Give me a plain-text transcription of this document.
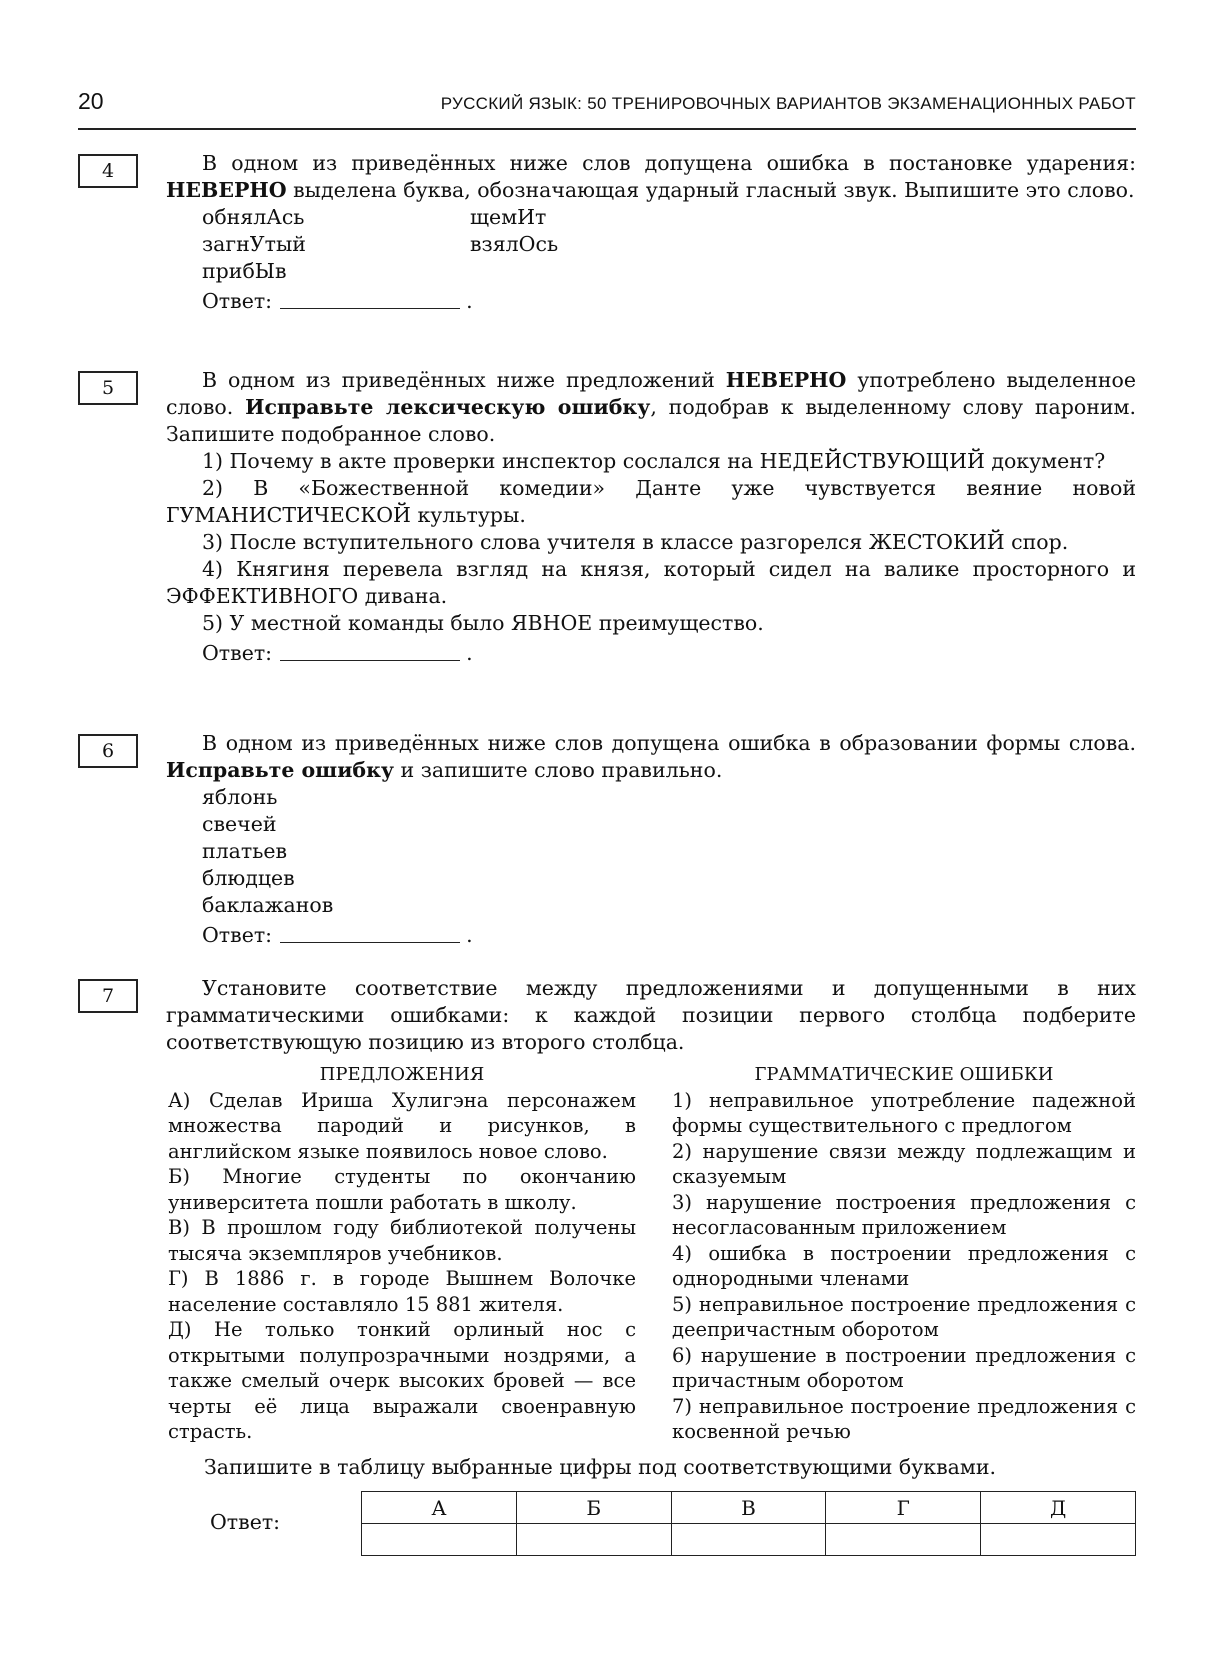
20	РУССКИЙ ЯЗЫК: 50 ТРЕНИРОВОЧНЫХ ВАРИАНТОВ ЭКЗАМЕНАЦИОННЫХ РАБОТ
4	В одном из приведённых ниже слов допущена ошибка в постановке ударения: НЕВЕРНО выделена буква, обозначающая ударный гласный звук. Выпишите это слово.

обнялАсь	щемИт
загнУтый	взялОсь
прибЫв
Ответ:	.
5	В одном из приведённых ниже предложений НЕВЕРНО употреблено выделенное слово. Исправьте лексическую ошибку, подобрав к выделенному слову пароним. Запишите подобранное слово.

1) Почему в акте проверки инспектор сослался на НЕДЕЙСТВУЮЩИЙ документ?

2) В «Божественной комедии» Данте уже чувствуется веяние новой ГУМАНИСТИЧЕСКОЙ культуры.

3) После вступительного слова учителя в классе разгорелся ЖЕСТОКИЙ спор.

4) Княгиня перевела взгляд на князя, который сидел на валике просторного и ЭФФЕКТИВНОГО дивана.

5) У местной команды было ЯВНОЕ преимущество.

Ответ:	.
6	В одном из приведённых ниже слов допущена ошибка в образовании формы слова. Исправьте ошибку и запишите слово правильно.

яблонь
свечей
платьев
блюдцев
баклажанов
Ответ:	.
7	Установите соответствие между предложениями и допущенными в них грамматическими ошибками: к каждой позиции первого столбца подберите соответствующую позицию из второго столбца.

ПРЕДЛОЖЕНИЯ

А) Сделав Ириша Хулигэна персонажем множества пародий и рисунков, в английском языке появилось новое слово.

Б) Многие студенты по окончанию университета пошли работать в школу.

В) В прошлом году библиотекой получены тысяча экземпляров учебников.

Г) В 1886 г. в городе Вышнем Волочке население составляло 15 881 жителя.

Д) Не только тонкий орлиный нос с открытыми полупрозрачными ноздрями, а также смелый очерк высоких бровей — все черты её лица выражали своенравную страсть.

ГРАММАТИЧЕСКИЕ ОШИБКИ

1) неправильное употребление падежной формы существительного с предлогом

2) нарушение связи между подлежащим и сказуемым

3) нарушение построения предложения с несогласованным приложением

4) ошибка в построении предложения с однородными членами

5) неправильное построение предложения с деепричастным оборотом

6) нарушение в построении предложения с причастным оборотом

7) неправильное построение предложения с косвенной речью

Запишите в таблицу выбранные цифры под соответствующими буквами.
Ответ:
А	Б	В	Г	Д
